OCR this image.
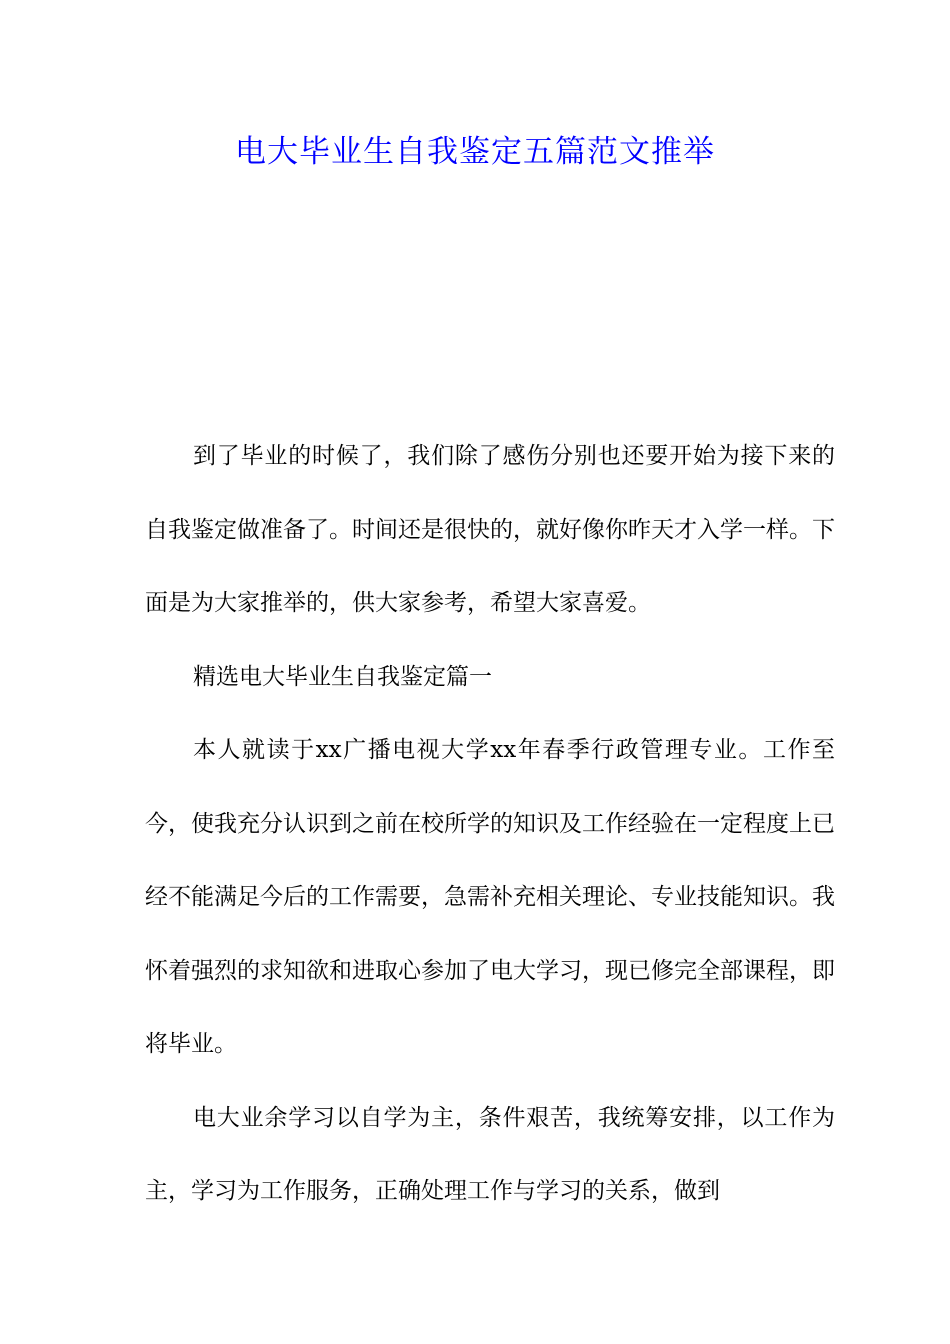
电大毕业生自我鉴定五篇范文推举

到了毕业的时候了，我们除了感伤分别也还要开始为接下来的自我鉴定做准备了。时间还是很快的，就好像你昨天才入学一样。下面是为大家推举的，供大家参考，希望大家喜爱。

精选电大毕业生自我鉴定篇一

本人就读于xx广播电视大学xx年春季行政管理专业。工作至今，使我充分认识到之前在校所学的知识及工作经验在一定程度上已经不能满足今后的工作需要，急需补充相关理论、专业技能知识。我怀着强烈的求知欲和进取心参加了电大学习，现已修完全部课程，即将毕业。

电大业余学习以自学为主，条件艰苦，我统筹安排，以工作为主，学习为工作服务，正确处理工作与学习的关系，做到
